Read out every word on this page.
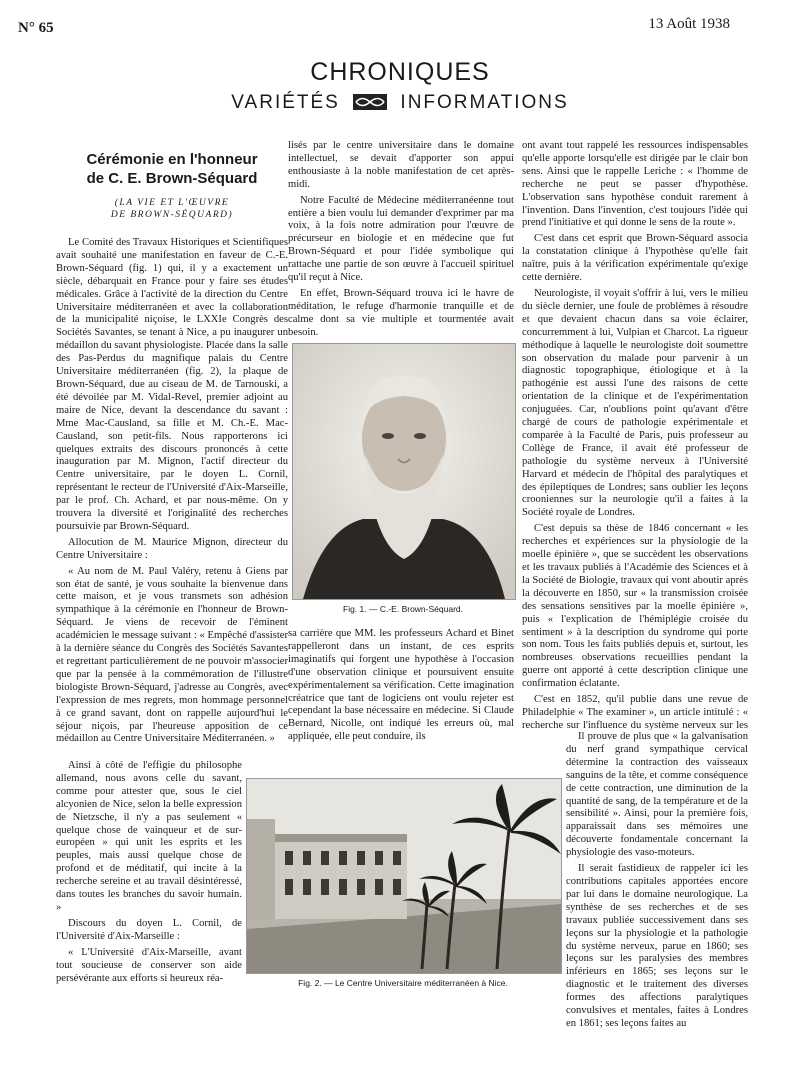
N° 65	13 Août 1938
CHRONIQUES
VARIÉTÉS	INFORMATIONS
Cérémonie en l'honneur
de C. E. Brown-Séquard
(LA VIE ET L'ŒUVRE
DE BROWN-SÉQUARD)

Le Comité des Travaux Historiques et Scientifiques avait souhaité une manifestation en faveur de C.-E. Brown-Séquard (fig. 1) qui, il y a exactement un siècle, débarquait en France pour y faire ses études médicales. Grâce à l'activité de la direction du Centre Universitaire méditerranéen et avec la collaboration de la municipalité niçoise, le LXXIe Congrès des Sociétés Savantes, se tenant à Nice, a pu inaugurer un médaillon du savant physiologiste. Placée dans la salle des Pas-Perdus du magnifique palais du Centre Universitaire méditerranéen (fig. 2), la plaque de Brown-Séquard, due au ciseau de M. de Tarnouski, a été dévoilée par M. Vidal-Revel, premier adjoint au maire de Nice, devant la descendance du savant : Mme Mac-Causland, sa fille et M. Ch.-E. Mac-Causland, son petit-fils. Nous rapporterons ici quelques extraits des discours prononcés à cette inauguration par M. Mignon, l'actif directeur du Centre universitaire, par le doyen L. Cornil, représentant le recteur de l'Université d'Aix-Marseille, par le prof. Ch. Achard, et par nous-même. On y trouvera la diversité et l'originalité des recherches poursuivie par Brown-Séquard.

Allocution de M. Maurice Mignon, directeur du Centre Universitaire :

« Au nom de M. Paul Valéry, retenu à Giens par son état de santé, je vous souhaite la bienvenue dans cette maison, et je vous transmets son adhésion sympathique à la cérémonie en l'honneur de Brown-Séquard. Je viens de recevoir de l'éminent académicien le message suivant : « Empêché d'assister à la dernière séance du Congrès des Sociétés Savantes et regrettant particulièrement de ne pouvoir m'associer que par la pensée à la commémoration de l'illustre biologiste Brown-Séquard, j'adresse au Congrès, avec l'expression de mes regrets, mon hommage personnel à ce grand savant, dont on rappelle aujourd'hui le séjour niçois, par l'heureuse apposition de ce médaillon au Centre Universitaire Méditerranéen. »

Ainsi à côté de l'effigie du philosophe allemand, nous avons celle du savant, comme pour attester que, sous le ciel alcyonien de Nice, selon la belle expression de Nietzsche, il n'y a pas seulement « quelque chose de vainqueur et de sur-européen » qui unit les esprits et les peuples, mais aussi quelque chose de profond et de méditatif, qui incite à la recherche sereine et au travail désintéressé, dans toutes les branches du savoir humain. »

Discours du doyen L. Cornil, de l'Université d'Aix-Marseille :

« L'Université d'Aix-Marseille, avant tout soucieuse de conserver son aide persévérante aux efforts si heureux réa-

lisés par le centre universitaire dans le domaine intellectuel, se devait d'apporter son appui enthousiaste à la noble manifestation de cet après-midi.

Notre Faculté de Médecine méditerranéenne tout entière a bien voulu lui demander d'exprimer par ma voix, à la fois notre admiration pour l'œuvre de précurseur en biologie et en médecine que fut Brown-Séquard et pour l'idée symbolique qui rattache une partie de son œuvre à l'accueil spirituel qu'il reçut à Nice.

En effet, Brown-Séquard trouva ici le havre de méditation, le refuge d'harmonie tranquille et de calme dont sa vie multiple et tourmentée avait besoin.

Fig. 1. — C.-E. Brown-Séquard.

sa carrière que MM. les professeurs Achard et Binet rappelleront dans un instant, de ces esprits imaginatifs qui forgent une hypothèse à l'occasion d'une observation clinique et poursuivent ensuite expérimentalement sa vérification. Cette imagination créatrice que tant de logiciens ont voulu rejeter est cependant la base nécessaire en médecine. Si Claude Bernard, Nicolle, ont indiqué les erreurs où, mal appliquée, elle peut conduire, ils

ont avant tout rappelé les ressources indispensables qu'elle apporte lorsqu'elle est dirigée par le clair bon sens. Ainsi que le rappelle Leriche : « l'homme de recherche ne peut se passer d'hypothèse. L'observation sans hypothèse conduit rarement à l'invention. Dans l'invention, c'est toujours l'idée qui prend l'initiative et qui donne le sens de la route ».

C'est dans cet esprit que Brown-Séquard associa la constatation clinique à l'hypothèse qu'elle fait naître, puis à la vérification expérimentale qu'exige cette dernière.

Neurologiste, il voyait s'offrir à lui, vers le milieu du siècle dernier, une foule de problèmes à résoudre et que devaient chacun dans sa voie éclairer, concurremment à lui, Vulpian et Charcot. La rigueur méthodique à laquelle le neurologiste doit soumettre son observation du malade pour parvenir à un diagnostic topographique, étiologique et à la pathogénie est aussi l'une des raisons de cette orientation de la clinique et de l'expérimentation conjuguées. Car, n'oublions point qu'avant d'être chargé de cours de pathologie expérimentale et comparée à la Faculté de Paris, puis professeur au Collège de France, il avait été professeur de pathologie du système nerveux à l'Université Harvard et médecin de l'hôpital des paralytiques et des épileptiques de Londres; sans oublier les leçons crooniennes sur la neurologie qu'il a faites à la Société royale de Londres.

C'est depuis sa thèse de 1846 concernant « les recherches et expériences sur la physiologie de la moelle épinière », que se succèdent les observations et les travaux publiés à l'Académie des Sciences et à la Société de Biologie, travaux qui vont aboutir après la découverte en 1850, sur « la transmission croisée des sensations sensitives par la moelle épinière », puis « l'explication de l'hémiplégie croisée du sentiment » à la description du syndrome qui porte son nom. Tous les faits publiés depuis et, surtout, les nombreuses observations recueillies pendant la guerre ont apporté à cette description clinique une confirmation éclatante.

C'est en 1852, qu'il publie dans une revue de Philadelphie « The examiner », un article intitulé : « recherche sur l'influence du système nerveux sur les

Il prouve de plus que « la galvanisation du nerf grand sympathique cervical détermine la contraction des vaisseaux sanguins de la tête, et comme conséquence de cette contraction, une diminution de la quantité de sang, de la température et de la sensibilité ». Ainsi, pour la première fois, apparaissait dans ses mémoires une découverte fondamentale concernant la physiologie des vaso-moteurs.

Il serait fastidieux de rappeler ici les contributions capitales apportées encore par lui dans le domaine neurologique. La synthèse de ses recherches et de ses travaux publiée successivement dans ses leçons sur la physiologie et la pathologie du système nerveux, parue en 1860; ses leçons sur les paralysies des membres inférieurs en 1865; ses leçons sur le diagnostic et le traitement des diverses formes des affections paralytiques convulsives et mentales, faites à Londres en 1861; ses leçons faites au

Fig. 2. — Le Centre Universitaire méditerranéen à Nice.
